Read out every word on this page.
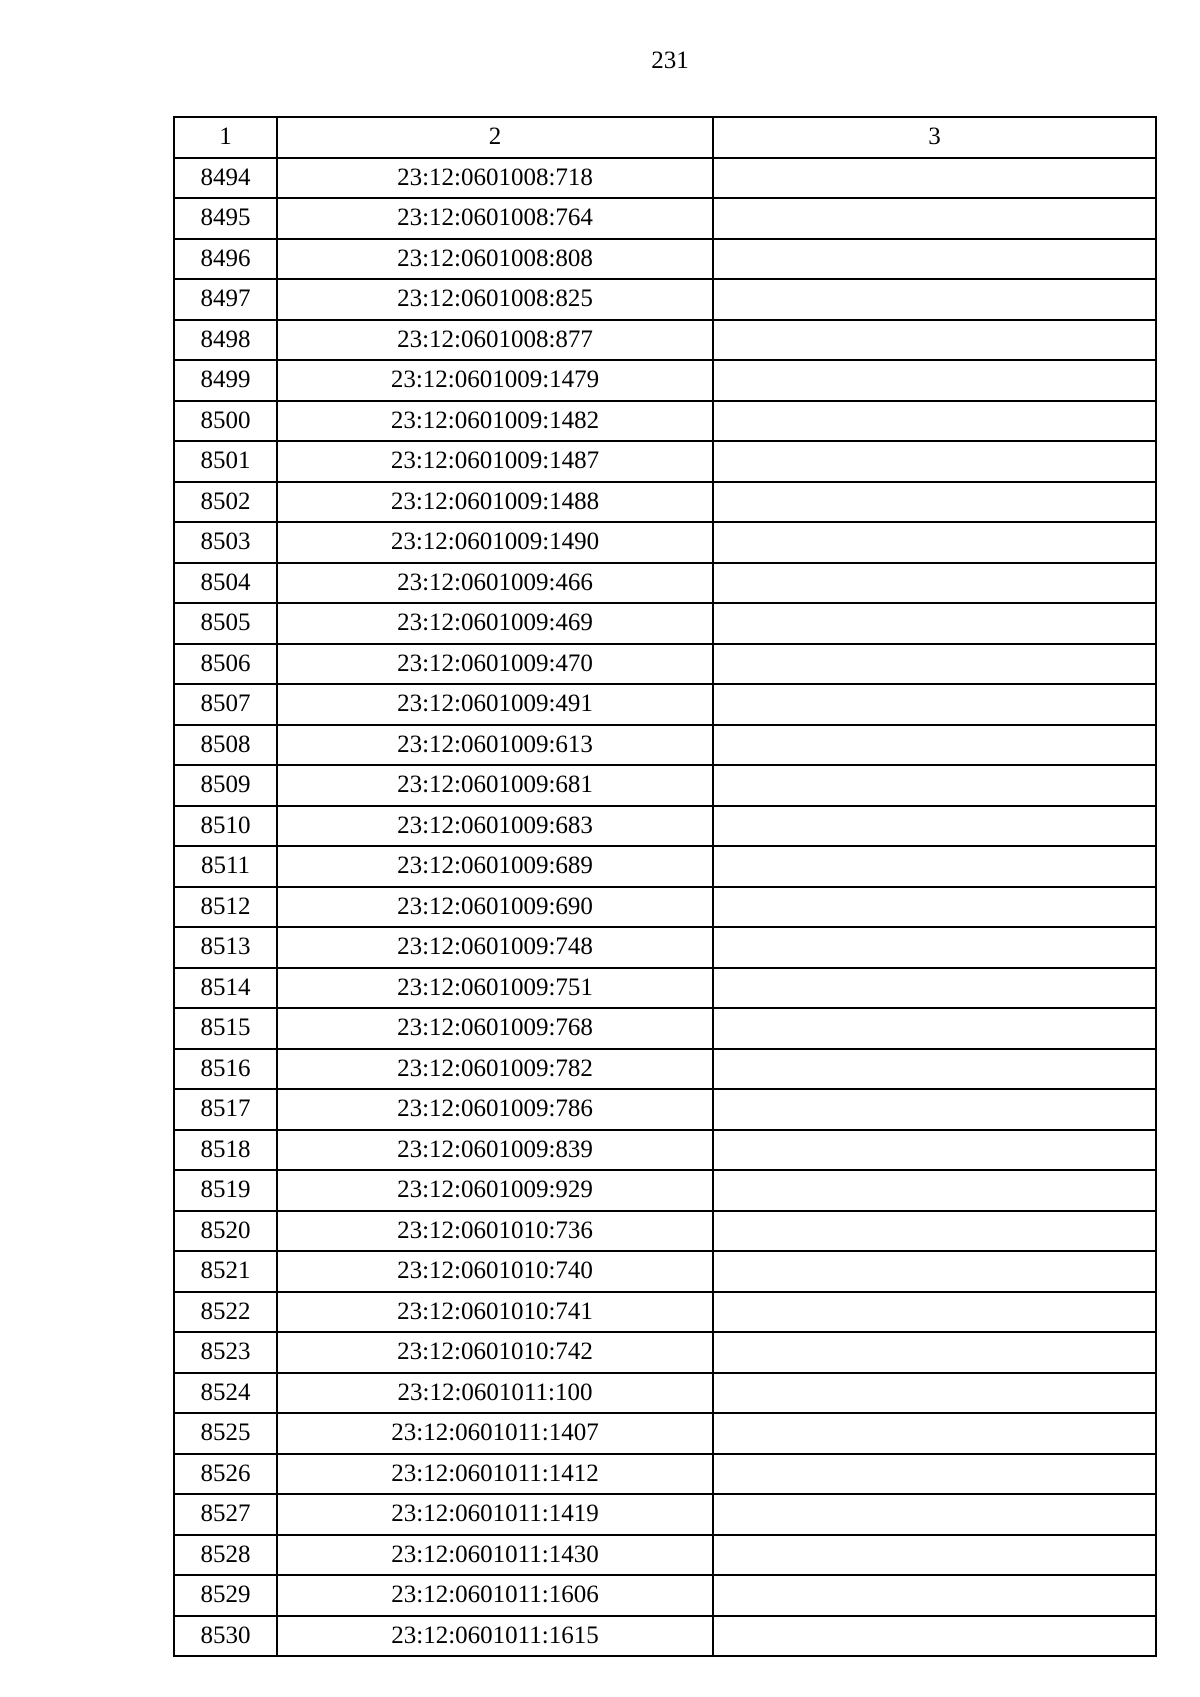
231
1	2	3
8494	23:12:0601008:718	
8495	23:12:0601008:764	
8496	23:12:0601008:808	
8497	23:12:0601008:825	
8498	23:12:0601008:877	
8499	23:12:0601009:1479	
8500	23:12:0601009:1482	
8501	23:12:0601009:1487	
8502	23:12:0601009:1488	
8503	23:12:0601009:1490	
8504	23:12:0601009:466	
8505	23:12:0601009:469	
8506	23:12:0601009:470	
8507	23:12:0601009:491	
8508	23:12:0601009:613	
8509	23:12:0601009:681	
8510	23:12:0601009:683	
8511	23:12:0601009:689	
8512	23:12:0601009:690	
8513	23:12:0601009:748	
8514	23:12:0601009:751	
8515	23:12:0601009:768	
8516	23:12:0601009:782	
8517	23:12:0601009:786	
8518	23:12:0601009:839	
8519	23:12:0601009:929	
8520	23:12:0601010:736	
8521	23:12:0601010:740	
8522	23:12:0601010:741	
8523	23:12:0601010:742	
8524	23:12:0601011:100	
8525	23:12:0601011:1407	
8526	23:12:0601011:1412	
8527	23:12:0601011:1419	
8528	23:12:0601011:1430	
8529	23:12:0601011:1606	
8530	23:12:0601011:1615	
